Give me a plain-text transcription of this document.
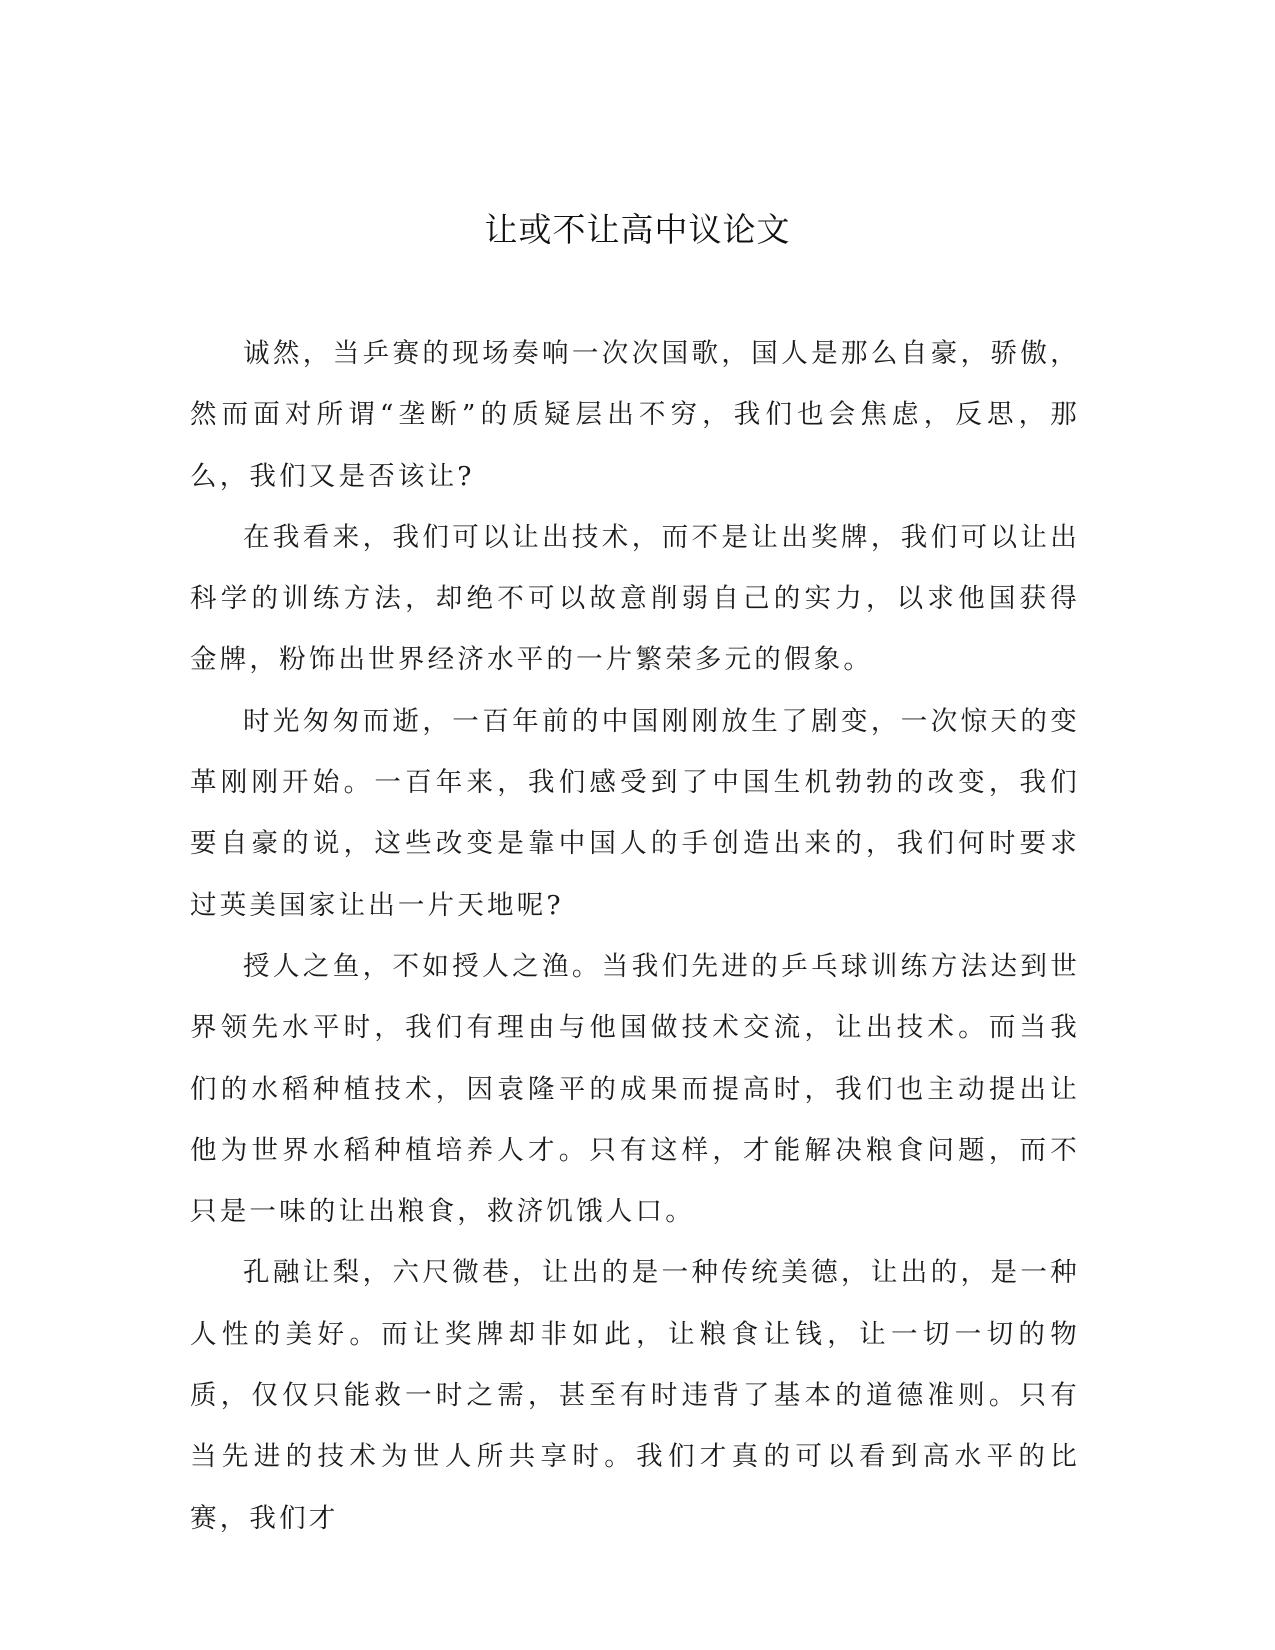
让或不让高中议论文

诚然，当乒赛的现场奏响一次次国歌，国人是那么自豪，骄傲，然而面对所谓“垄断”的质疑层出不穷，我们也会焦虑，反思，那么，我们又是否该让?

在我看来，我们可以让出技术，而不是让出奖牌，我们可以让出科学的训练方法，却绝不可以故意削弱自己的实力，以求他国获得金牌，粉饰出世界经济水平的一片繁荣多元的假象。

时光匆匆而逝，一百年前的中国刚刚放生了剧变，一次惊天的变革刚刚开始。一百年来，我们感受到了中国生机勃勃的改变，我们要自豪的说，这些改变是靠中国人的手创造出来的，我们何时要求过英美国家让出一片天地呢?

授人之鱼，不如授人之渔。当我们先进的乒乓球训练方法达到世界领先水平时，我们有理由与他国做技术交流，让出技术。而当我们的水稻种植技术，因袁隆平的成果而提高时，我们也主动提出让他为世界水稻种植培养人才。只有这样，才能解决粮食问题，而不只是一味的让出粮食，救济饥饿人口。

孔融让梨，六尺微巷，让出的是一种传统美德，让出的，是一种人性的美好。而让奖牌却非如此，让粮食让钱，让一切一切的物质，仅仅只能救一时之需，甚至有时违背了基本的道德准则。只有当先进的技术为世人所共享时。我们才真的可以看到高水平的比赛，我们才
